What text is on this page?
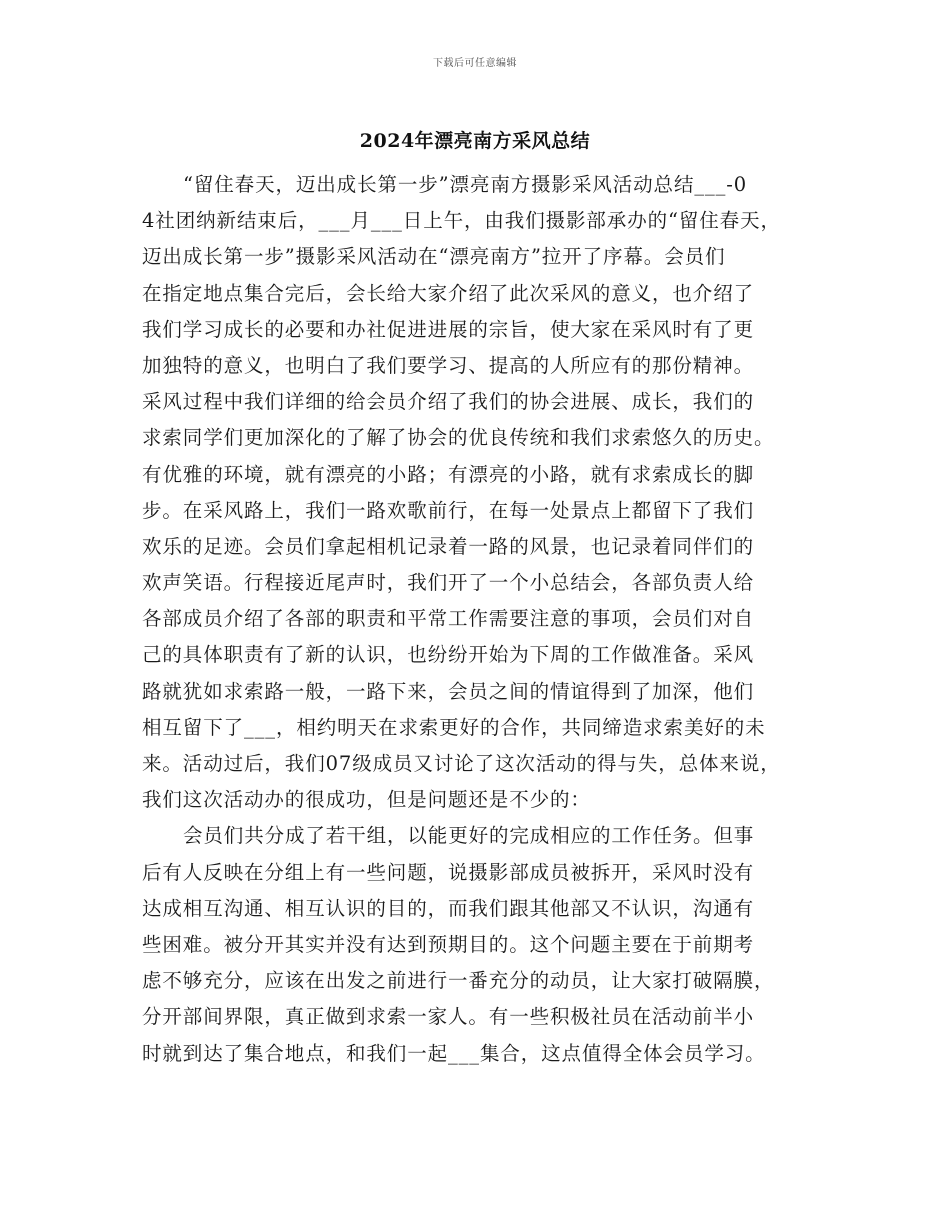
下载后可任意编辑
2024年漂亮南方采风总结
“留住春天，迈出成长第一步”漂亮南方摄影采风活动总结___-0
4社团纳新结束后，___月___日上午，由我们摄影部承办的“留住春天，
迈出成长第一步”摄影采风活动在“漂亮南方”拉开了序幕。会员们
在指定地点集合完后，会长给大家介绍了此次采风的意义，也介绍了
我们学习成长的必要和办社促进进展的宗旨，使大家在采风时有了更
加独特的意义，也明白了我们要学习、提高的人所应有的那份精神。
采风过程中我们详细的给会员介绍了我们的协会进展、成长，我们的
求索同学们更加深化的了解了协会的优良传统和我们求索悠久的历史。
有优雅的环境，就有漂亮的小路；有漂亮的小路，就有求索成长的脚
步。在采风路上，我们一路欢歌前行，在每一处景点上都留下了我们
欢乐的足迹。会员们拿起相机记录着一路的风景，也记录着同伴们的
欢声笑语。行程接近尾声时，我们开了一个小总结会，各部负责人给
各部成员介绍了各部的职责和平常工作需要注意的事项，会员们对自
己的具体职责有了新的认识，也纷纷开始为下周的工作做准备。采风
路就犹如求索路一般，一路下来，会员之间的情谊得到了加深，他们
相互留下了___，相约明天在求索更好的合作，共同缔造求索美好的未
来。活动过后，我们07级成员又讨论了这次活动的得与失，总体来说，
我们这次活动办的很成功，但是问题还是不少的：
会员们共分成了若干组，以能更好的完成相应的工作任务。但事
后有人反映在分组上有一些问题，说摄影部成员被拆开，采风时没有
达成相互沟通、相互认识的目的，而我们跟其他部又不认识，沟通有
些困难。被分开其实并没有达到预期目的。这个问题主要在于前期考
虑不够充分，应该在出发之前进行一番充分的动员，让大家打破隔膜，
分开部间界限，真正做到求索一家人。有一些积极社员在活动前半小
时就到达了集合地点，和我们一起___集合，这点值得全体会员学习。
